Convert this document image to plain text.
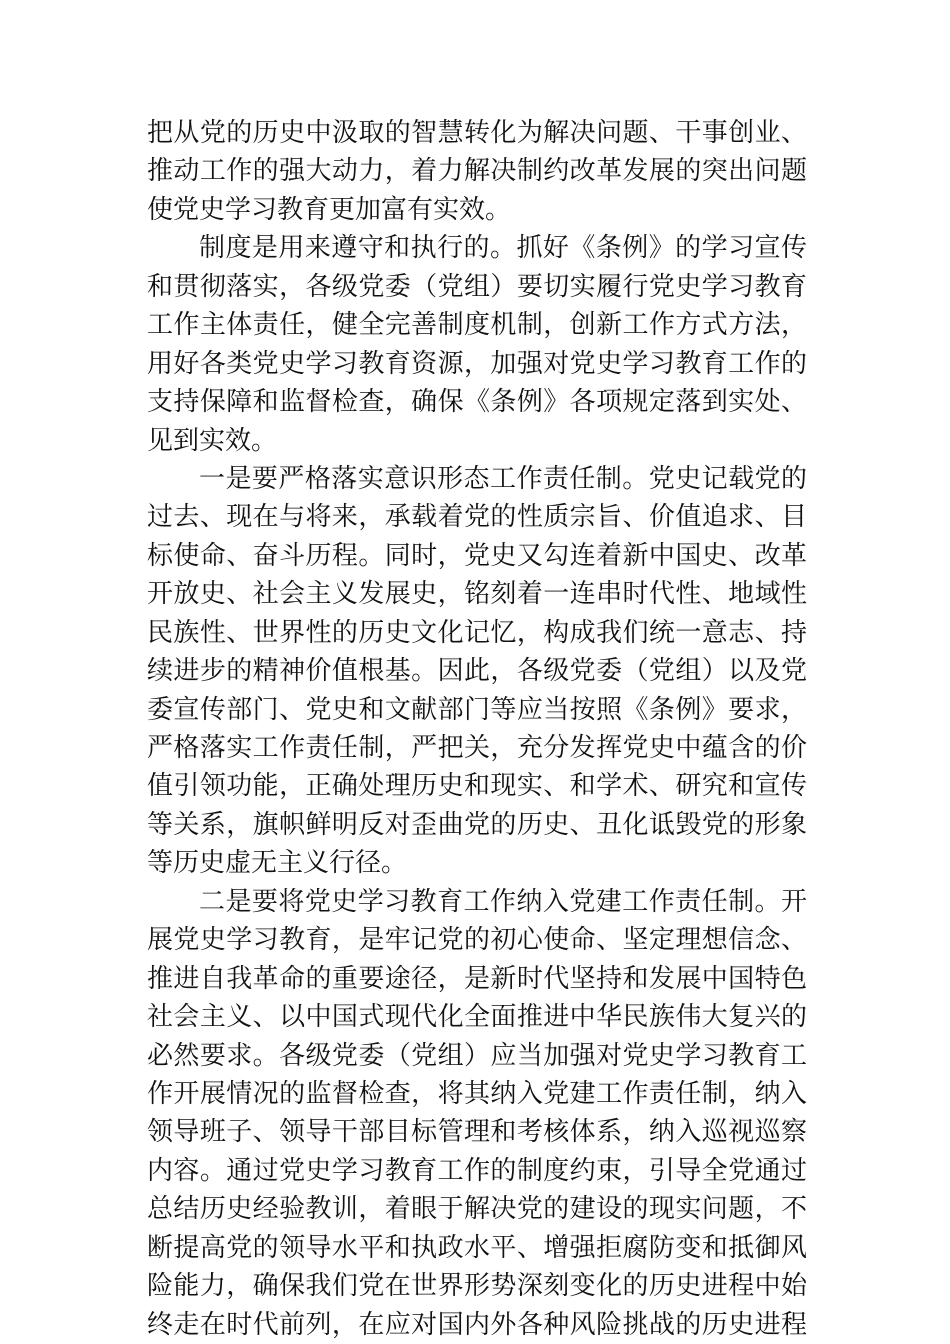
把从党的历史中汲取的智慧转化为解决问题、干事创业、
推动工作的强大动力，着力解决制约改革发展的突出问题
使党史学习教育更加富有实效。
制度是用来遵守和执行的。抓好《条例》的学习宣传
和贯彻落实，各级党委（党组）要切实履行党史学习教育
工作主体责任，健全完善制度机制，创新工作方式方法，
用好各类党史学习教育资源，加强对党史学习教育工作的
支持保障和监督检查，确保《条例》各项规定落到实处、
见到实效。
一是要严格落实意识形态工作责任制。党史记载党的
过去、现在与将来，承载着党的性质宗旨、价值追求、目
标使命、奋斗历程。同时，党史又勾连着新中国史、改革
开放史、社会主义发展史，铭刻着一连串时代性、地域性
民族性、世界性的历史文化记忆，构成我们统一意志、持
续进步的精神价值根基。因此，各级党委（党组）以及党
委宣传部门、党史和文献部门等应当按照《条例》要求，
严格落实工作责任制，严把关，充分发挥党史中蕴含的价
值引领功能，正确处理历史和现实、和学术、研究和宣传
等关系，旗帜鲜明反对歪曲党的历史、丑化诋毁党的形象
等历史虚无主义行径。
二是要将党史学习教育工作纳入党建工作责任制。开
展党史学习教育，是牢记党的初心使命、坚定理想信念、
推进自我革命的重要途径，是新时代坚持和发展中国特色
社会主义、以中国式现代化全面推进中华民族伟大复兴的
必然要求。各级党委（党组）应当加强对党史学习教育工
作开展情况的监督检查，将其纳入党建工作责任制，纳入
领导班子、领导干部目标管理和考核体系，纳入巡视巡察
内容。通过党史学习教育工作的制度约束，引导全党通过
总结历史经验教训，着眼于解决党的建设的现实问题，不
断提高党的领导水平和执政水平、增强拒腐防变和抵御风
险能力，确保我们党在世界形势深刻变化的历史进程中始
终走在时代前列，在应对国内外各种风险挑战的历史进程
